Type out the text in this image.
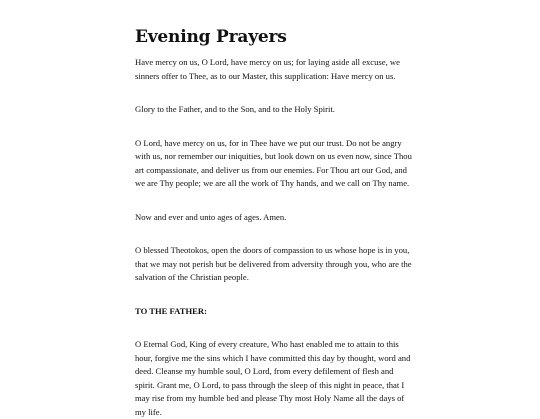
Evening Prayers

Have mercy on us, O Lord, have mercy on us; for laying aside all excuse, we sinners offer to Thee, as to our Master, this supplication: Have mercy on us.

Glory to the Father, and to the Son, and to the Holy Spirit.

O Lord, have mercy on us, for in Thee have we put our trust. Do not be angry with us, nor remember our iniquities, but look down on us even now, since Thou art compassionate, and deliver us from our enemies. For Thou art our God, and we are Thy people; we are all the work of Thy hands, and we call on Thy name.

Now and ever and unto ages of ages. Amen.

O blessed Theotokos, open the doors of compassion to us whose hope is in you, that we may not perish but be delivered from adversity through you, who are the salvation of the Christian people.

TO THE FATHER:

O Eternal God, King of every creature, Who hast enabled me to attain to this hour, forgive me the sins which I have committed this day by thought, word and deed. Cleanse my humble soul, O Lord, from every defilement of flesh and spirit. Grant me, O Lord, to pass through the sleep of this night in peace, that I may rise from my humble bed and please Thy most Holy Name all the days of my life.
